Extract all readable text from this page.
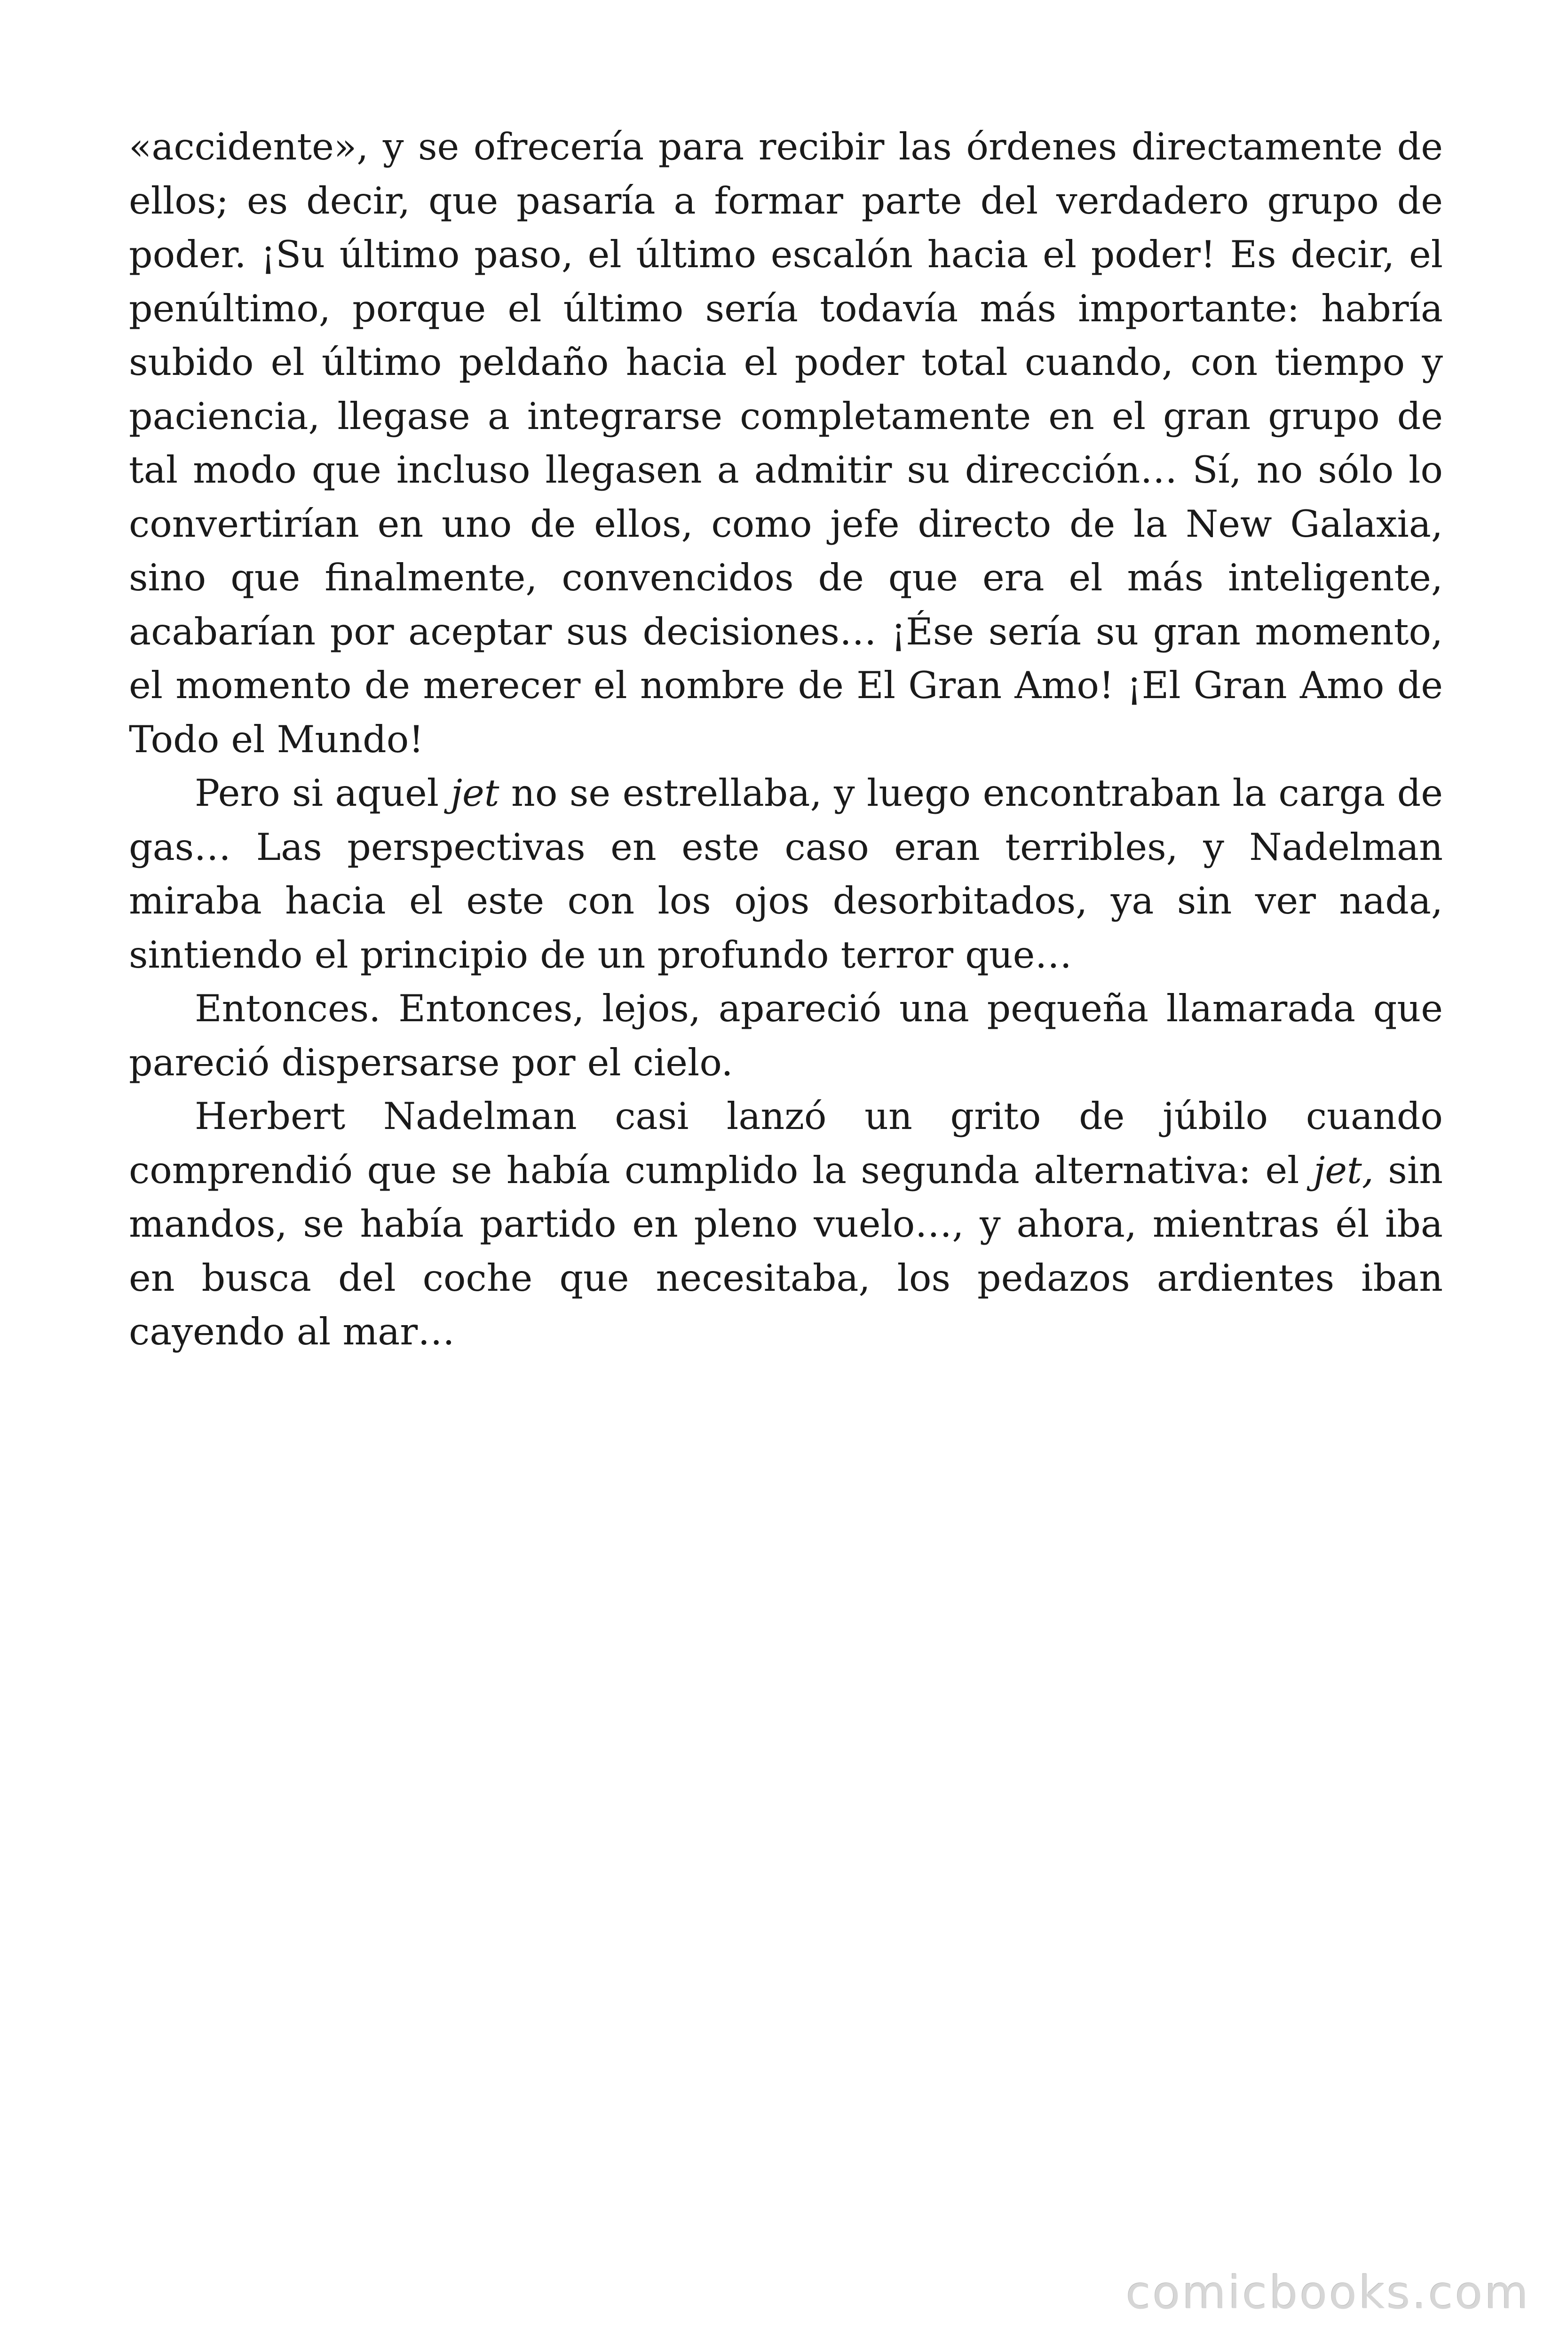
«accidente», y se ofrecería para recibir las órdenes directamente de ellos; es decir, que pasaría a formar parte del verdadero grupo de poder. ¡Su último paso, el último escalón hacia el poder! Es decir, el penúltimo, porque el último sería todavía más importante: habría subido el último peldaño hacia el poder total cuando, con tiempo y paciencia, llegase a integrarse completamente en el gran grupo de tal modo que incluso llegasen a admitir su dirección… Sí, no sólo lo convertirían en uno de ellos, como jefe directo de la New Galaxia, sino que finalmente, convencidos de que era el más inteligente, acabarían por aceptar sus decisiones… ¡Ése sería su gran momento, el momento de merecer el nombre de El Gran Amo! ¡El Gran Amo de Todo el Mundo!

Pero si aquel jet no se estrellaba, y luego encontraban la carga de gas… Las perspectivas en este caso eran terribles, y Nadelman miraba hacia el este con los ojos desorbitados, ya sin ver nada, sintiendo el principio de un profundo terror que…

Entonces. Entonces, lejos, apareció una pequeña llamarada que pareció dispersarse por el cielo.

Herbert Nadelman casi lanzó un grito de júbilo cuando comprendió que se había cumplido la segunda alternativa: el jet, sin mandos, se había partido en pleno vuelo…, y ahora, mientras él iba en busca del coche que necesitaba, los pedazos ardientes iban cayendo al mar…

comicbooks.com
